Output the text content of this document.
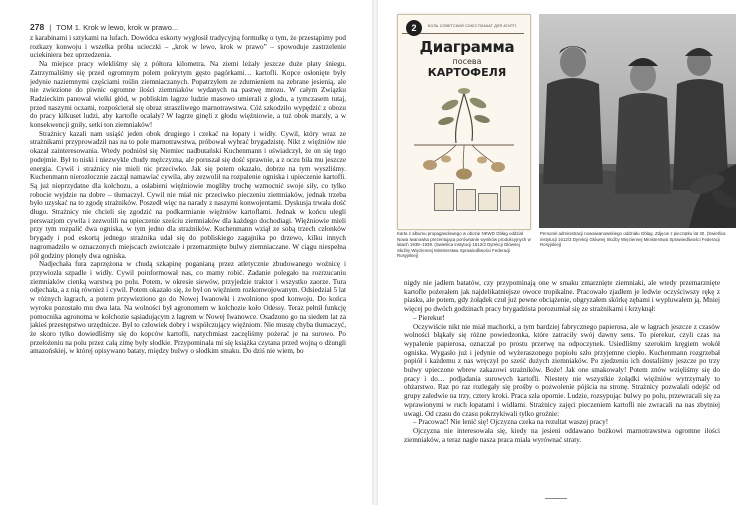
278 | TOM 1. Krok w lewo, krok w prawo...

z karabinami i sztykami na lufach. Dowódca eskorty wygłosił tradycyjną formułkę o tym, że przestąpimy pod rozkazy konwoju i wszelka próba ucieczki – „krok w lewo, krok w prawo” – spowoduje zastrzelenie uciekiniera bez uprzedzenia.

Na miejsce pracy wlekliśmy się z półtora kilometra. Na ziemi leżały jeszcze duże płaty śniegu. Zatrzymaliśmy się przed ogromnym polem pokrytym gęsto pagórkami… kartofli. Kopce osłonięte były jedynie naziemnymi częściami roślin ziemniaczanych. Popatrzyłem ze zdumieniem na zebrane jesienią, ale nie zwiezione do piwnic ogromne ilości ziemniaków wydanych na pastwę mrozu. W całym Związku Radzieckim panował wielki głód, w pobliskim łagrze ludzie masowo umierali z głodu, a tymczasem tutaj, przed naszymi oczami, rozpościerał się obraz straszliwego marnotrawstwa. Cóż szkodziło wypędzić z obozu do pracy kilkuset ludzi, aby kartofle ocalały? W łagrze ginęli z głodu więźniowie, a tuż obok marzły, a w konsekwencji gniły, setki ton ziemniaków!

Strażnicy kazali nam usiąść jeden obok drugiego i czekać na łopaty i widły. Cywil, który wraz ze strażnikami przyprowadził nas na to pole marnotrawstwa, próbował wybrać brygadzistę. Nikt z więźniów nie okazał zainteresowania. Wtedy podniósł się Niemiec nadbutański Kuchenmann i oświadczył, że on się tego podejmie. Był to niski i niezwykle chudy mężczyzna, ale poruszał się dość sprawnie, a z oczu biła mu jeszcze energia. Cywil i strażnicy nie mieli nic przeciwko. Jak się potem okazało, dobrze na tym wyszliśmy. Kuchenmann nierozłocznie zaczął namawiać cywila, aby zezwolił na rozpalenie ogniska i upieczenie kartofli. Są już nieprzydatne dla kołchozu, a osłabieni więźniowie mogliby trochę wzmocnić swoje siły, co tylko robocie wyjdzie na dobre – tłumaczył. Cywil nie miał nic przeciwko pieczeniu ziemniaków, jednak trzeba było uzyskać na to zgodę strażników. Poszedł więc na narady z naszymi konwojentami. Dyskusja trwała dość długo. Strażnicy nie chcieli się zgodzić na podkarmianie więźniów kartoflami. Jednak w końcu ulegli perswazjom cywila i zezwolili na upieczenie sześciu ziemniaków dla każdego dochodiagi. Więźniowie mieli przy tym rozpalić dwa ogniska, w tym jedno dla strażników. Kuchenmann wziął ze sobą trzech członków brygady i pod eskortą jednego strażnika udał się do pobliskiego zagajnika po drzewo, kilku innych nagromadziło w oznaczonych miejscach zwiotczałe i przemarznięte bulwy ziemniaczane. W ciągu niespełna pół godziny płonęły dwa ogniska.

Nadjechała fura zaprzężona w chudą szkapinę poganianą przez atletycznie zbudowanego woźnicę i przywiozła szpadle i widły. Cywil poinformował nas, co mamy robić. Zadanie polegało na rozrzucaniu ziemniaków cienką warstwą po polu. Potem, w okresie siewów, przyjedzie traktor i wszystko zaorze. Tura odjechała, a z nią również i cywil. Potem okazało się, że był on więźniem rozkonwojowanym. Odsiedział 5 lat w różnych łagrach, a potem przywieziono go do Nowej Iwanowki i zwolniono spod konwoju. Do końca wyroku pozostało mu dwa lata. Na wolności był agronomem w kołchozie koło Odessy. Teraz pełnił funkcję pomocnika agronoma w kołchozie sąsiadującym z łagrem w Nowej Iwanowce. Osadzono go na siedem lat za jakieś przestępstwo urzędnicze. Był to człowiek dobry i współczujący więźniom. Nie muszę chyba tłumaczyć, że skoro tylko dowiedliśmy się do kopców kartofli, natychmiast zaczęliśmy pożerać je na surowo. Po przełożeniu na polu przez całą zimę były słodkie. Przypominała mi się książka czytana przed wojną o dżungli amazońskiej, w której opisywano bataty, między bulwy o słodkim smaku. Do dziś nie wiem, bo

2	БОЛЬ СОВЕТСКИЙ СОЮЗ ПЛАКАТ ДЛЯ АГИТП.
Диаграмма
посева
КАРТОФЕЛЯ
Karta z albumu propagandowego w obozie NKWD Gbłag oddział Nowa Iwanowka prezentująca porównanie wyników produkcyjnych w latach 1938–1939. (Swietlica instytucji 1612/3 Dyrekcji Głównej Służby Więziennej Ministerstwa Sprawiedliwości Federacji Rosyjskiej)
Personel administracji nowaiwanowskiego oddziału Gbłag. Zdjęcie z pieczątku lat 40. (Swietlica instytucji 1612/3 Dyrekcji Głównej Służby Więziennej Ministerstwa Sprawiedliwości Federacji Rosyjskiej)

nigdy nie jadłem batatów, czy przypominają one w smaku zmarznięte ziemniaki, ale wtedy przemarznięte kartofle pożerałem jak najdelikatniejsze owoce tropikalne. Pracowało zjadłem je ledwie oczyściwszy rękę z piasku, ale potem, gdy żołądek czuł już pewne obciążenie, obgryzałem skórkę zębami i wypluwałem ją. Mniej więcej po dwóch godzinach pracy brygadzista porozumiał się ze strażnikami i krzyknął:

– Pierekur!

Oczywiście nikt nie miał machorki, a tym bardziej fabrycznego papierosa, ale w łagrach jeszcze z czasów wolności błąkały się różne powiedzonka, które zatraciły swój dawny sens. To pierekur, czyli czas na wypalenie papierosa, oznaczał po prostu przerwę na odpoczynek. Usiedliśmy szerokim kręgiem wokół ogniska. Wygasło już i jedynie od wyżeraszonego popiołu szło przyjemne ciepło. Kuchenmann rozgrzebał popiół i każdemu z nas wręczył po sześć dużych ziemniaków. Po zjedzeniu ich dostaliśmy jeszcze po trzy bulwy upieczone wbrew zakazowi strażników. Boże! Jak one smakowały! Potem znów wzięliśmy się do pracy i do… podjadania surowych kartofli. Niestety nie wszystkie żołądki więźniów wytrzymały to obżarstwo. Raz po raz rozlegały się prośby o pozwolenie pójścia na stronę. Strażnicy pozwalali odejść od grupy zaledwie na trzy, cztery kroki. Praca szła opornie. Ludzie, rozsypując bulwy po polu, przewracali się za wprawionymi w ruch łopatami i widłami. Strażnicy zajęci pieczeniem kartofli nie zwracali na nas zbytniej uwagi. Od czasu do czasu pokrzykiwali tylko groźnie:

– Pracować! Nie lenić się! Ojczyzna czeka na rezultat waszej pracy!

Ojczyzna nie interesowała się, kiedy na jesieni oddawano bożkowi marnotrawstwa ogromne ilości ziemniaków, a teraz nagle nasza praca miała wyrównać straty.
